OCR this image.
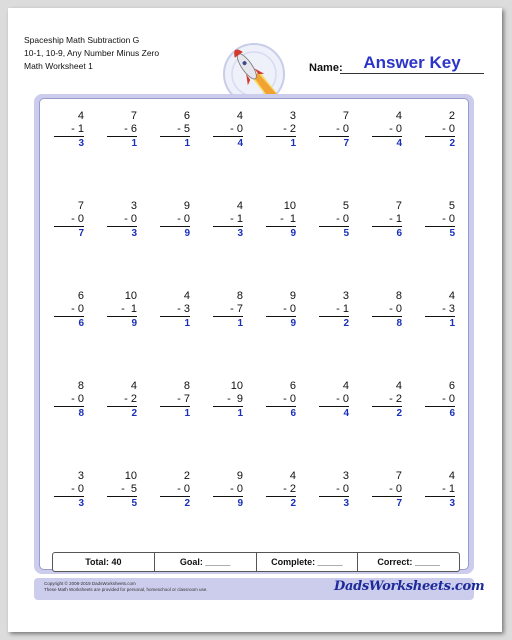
Spaceship Math Subtraction G
10-1, 10-9, Any Number Minus Zero
Math Worksheet 1	Answer Key
Name:
4
- 1
3
7
- 6
1
6
- 5
1
4
- 0
4
3
- 2
1
7
- 0
7
4
- 0
4
2
- 0
2
7
- 0
7
3
- 0
3
9
- 0
9
4
- 1
3
10
-  1
9
5
- 0
5
7
- 1
6
5
- 0
5
6
- 0
6
10
-  1
9
4
- 3
1
8
- 7
1
9
- 0
9
3
- 1
2
8
- 0
8
4
- 3
1
8
- 0
8
4
- 2
2
8
- 7
1
10
-  9
1
6
- 0
6
4
- 0
4
4
- 2
2
6
- 0
6
3
- 0
3
10
-  5
5
2
- 0
2
9
- 0
9
4
- 2
2
3
- 0
3
7
- 0
7
4
- 1
3
Total: 40	Goal: _____	Complete: _____	Correct: _____
Copyright © 2008-2019 DadsWorksheets.com
These Math Worksheets are provided for personal, homeschool or classroom use.	DadsWorksheets.com
